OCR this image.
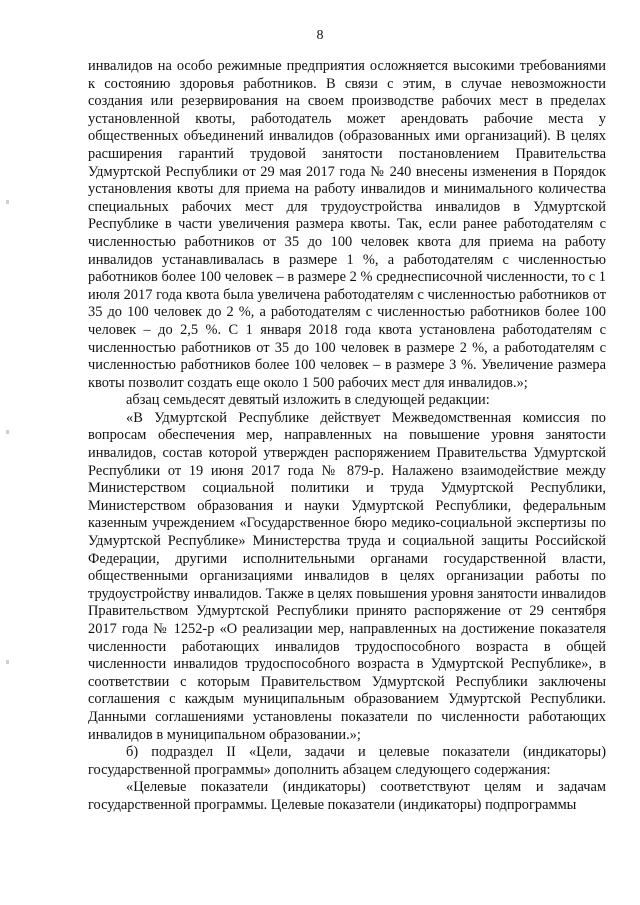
8

инвалидов на особо режимные предприятия осложняется высокими требованиями к состоянию здоровья работников. В связи с этим, в случае невозможности создания или резервирования на своем производстве рабочих мест в пределах установленной квоты, работодатель может арендовать рабочие места у общественных объединений инвалидов (образованных ими организаций). В целях расширения гарантий трудовой занятости постановлением Правительства Удмуртской Республики от 29 мая 2017 года № 240 внесены изменения в Порядок установления квоты для приема на работу инвалидов и минимального количества специальных рабочих мест для трудоустройства инвалидов в Удмуртской Республике в части увеличения размера квоты. Так, если ранее работодателям с численностью работников от 35 до 100 человек квота для приема на работу инвалидов устанавливалась в размере 1 %, а работодателям с численностью работников более 100 человек – в размере 2 % среднесписочной численности, то с 1 июля 2017 года квота была увеличена работодателям с численностью работников от 35 до 100 человек до 2 %, а работодателям с численностью работников более 100 человек – до 2,5 %. С 1 января 2018 года квота установлена работодателям с численностью работников от 35 до 100 человек в размере 2 %, а работодателям с численностью работников более 100 человек – в размере 3 %. Увеличение размера квоты позволит создать еще около 1 500 рабочих мест для инвалидов.»;

абзац семьдесят девятый изложить в следующей редакции:

«В Удмуртской Республике действует Межведомственная комиссия по вопросам обеспечения мер, направленных на повышение уровня занятости инвалидов, состав которой утвержден распоряжением Правительства Удмуртской Республики от 19 июня 2017 года № 879-р. Налажено взаимодействие между Министерством социальной политики и труда Удмуртской Республики, Министерством образования и науки Удмуртской Республики, федеральным казенным учреждением «Государственное бюро медико-социальной экспертизы по Удмуртской Республике» Министерства труда и социальной защиты Российской Федерации, другими исполнительными органами государственной власти, общественными организациями инвалидов в целях организации работы по трудоустройству инвалидов. Также в целях повышения уровня занятости инвалидов Правительством Удмуртской Республики принято распоряжение от 29 сентября 2017 года № 1252-р «О реализации мер, направленных на достижение показателя численности работающих инвалидов трудоспособного возраста в общей численности инвалидов трудоспособного возраста в Удмуртской Республике», в соответствии с которым Правительством Удмуртской Республики заключены соглашения с каждым муниципальным образованием Удмуртской Республики. Данными соглашениями установлены показатели по численности работающих инвалидов в муниципальном образовании.»;

б) подраздел II «Цели, задачи и целевые показатели (индикаторы) государственной программы» дополнить абзацем следующего содержания:

«Целевые показатели (индикаторы) соответствуют целям и задачам государственной программы. Целевые показатели (индикаторы) подпрограммы
